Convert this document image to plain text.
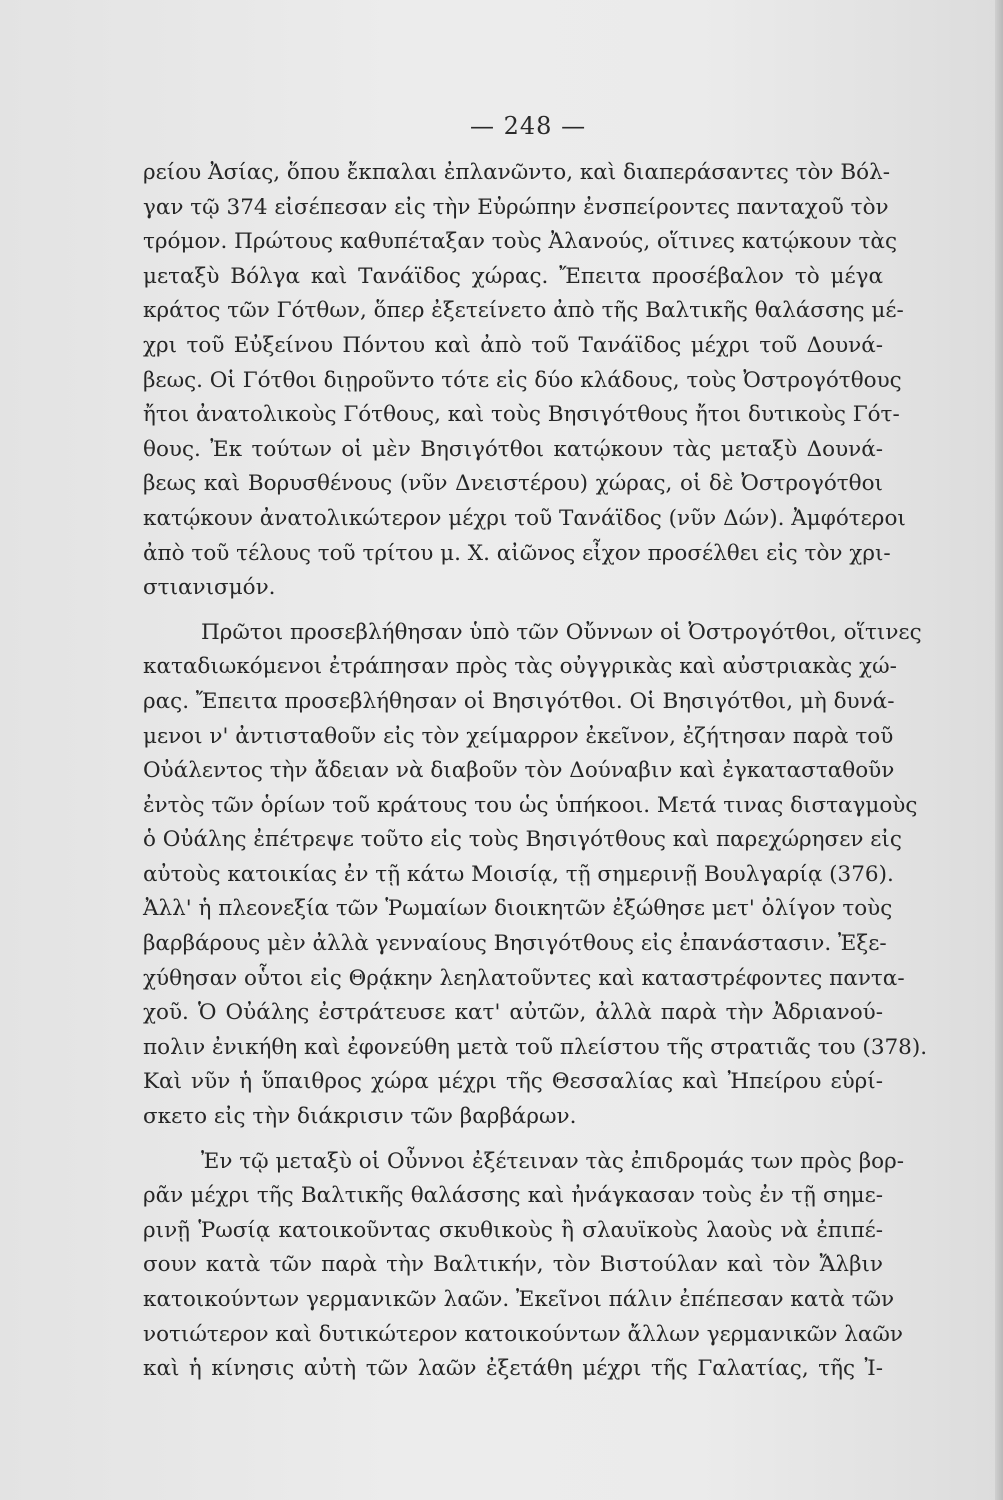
— 248 —
ρείου Ἀσίας, ὅπου ἔκπαλαι ἐπλανῶντο, καὶ διαπεράσαντες τὸν Βόλ-
γαν τῷ 374 εἰσέπεσαν εἰς τὴν Εὐρώπην ἐνσπείροντες πανταχοῦ τὸν
τρόμον. Πρώτους καθυπέταξαν τοὺς Ἀλανούς, οἵτινες κατῴκουν τὰς
μεταξὺ Βόλγα καὶ Τανάϊδος χώρας. Ἔπειτα προσέβαλον τὸ μέγα
κράτος τῶν Γότθων, ὅπερ ἐξετείνετο ἀπὸ τῆς Βαλτικῆς θαλάσσης μέ-
χρι τοῦ Εὐξείνου Πόντου καὶ ἀπὸ τοῦ Τανάϊδος μέχρι τοῦ Δουνά-
βεως. Οἱ Γότθοι διῃροῦντο τότε εἰς δύο κλάδους, τοὺς Ὀστρογότθους
ἤτοι ἀνατολικοὺς Γότθους, καὶ τοὺς Βησιγότθους ἤτοι δυτικοὺς Γότ-
θους. Ἐκ τούτων οἱ μὲν Βησιγότθοι κατῴκουν τὰς μεταξὺ Δουνά-
βεως καὶ Βορυσθένους (νῦν Δνειστέρου) χώρας, οἱ δὲ Ὀστρογότθοι
κατῴκουν ἀνατολικώτερον μέχρι τοῦ Τανάϊδος (νῦν Δών). Ἀμφότεροι
ἀπὸ τοῦ τέλους τοῦ τρίτου μ. Χ. αἰῶνος εἶχον προσέλθει εἰς τὸν χρι-
στιανισμόν.
Πρῶτοι προσεβλήθησαν ὑπὸ τῶν Οὔννων οἱ Ὀστρογότθοι, οἵτινες
καταδιωκόμενοι ἐτράπησαν πρὸς τὰς οὐγγρικὰς καὶ αὐστριακὰς χώ-
ρας. Ἔπειτα προσεβλήθησαν οἱ Βησιγότθοι. Οἱ Βησιγότθοι, μὴ δυνά-
μενοι ν' ἀντισταθοῦν εἰς τὸν χείμαρρον ἐκεῖνον, ἐζήτησαν παρὰ τοῦ
Οὐάλεντος τὴν ἄδειαν νὰ διαβοῦν τὸν Δούναβιν καὶ ἐγκατασταθοῦν
ἐντὸς τῶν ὁρίων τοῦ κράτους του ὡς ὑπήκοοι. Μετά τινας δισταγμοὺς
ὁ Οὐάλης ἐπέτρεψε τοῦτο εἰς τοὺς Βησιγότθους καὶ παρεχώρησεν εἰς
αὐτοὺς κατοικίας ἐν τῇ κάτω Μοισίᾳ, τῇ σημερινῇ Βουλγαρίᾳ (376).
Ἀλλ' ἡ πλεονεξία τῶν Ῥωμαίων διοικητῶν ἐξώθησε μετ' ὀλίγον τοὺς
βαρβάρους μὲν ἀλλὰ γενναίους Βησιγότθους εἰς ἐπανάστασιν. Ἐξε-
χύθησαν οὗτοι εἰς Θρᾴκην λεηλατοῦντες καὶ καταστρέφοντες παντα-
χοῦ. Ὁ Οὐάλης ἐστράτευσε κατ' αὐτῶν, ἀλλὰ παρὰ τὴν Ἀδριανού-
πολιν ἐνικήθη καὶ ἐφονεύθη μετὰ τοῦ πλείστου τῆς στρατιᾶς του (378).
Καὶ νῦν ἡ ὕπαιθρος χώρα μέχρι τῆς Θεσσαλίας καὶ Ἠπείρου εὑρί-
σκετο εἰς τὴν διάκρισιν τῶν βαρβάρων.
Ἐν τῷ μεταξὺ οἱ Οὖννοι ἐξέτειναν τὰς ἐπιδρομάς των πρὸς βορ-
ρᾶν μέχρι τῆς Βαλτικῆς θαλάσσης καὶ ἠνάγκασαν τοὺς ἐν τῇ σημε-
ρινῇ Ῥωσίᾳ κατοικοῦντας σκυθικοὺς ἢ σλαυϊκοὺς λαοὺς νὰ ἐπιπέ-
σουν κατὰ τῶν παρὰ τὴν Βαλτικήν, τὸν Βιστούλαν καὶ τὸν Ἄλβιν
κατοικούντων γερμανικῶν λαῶν. Ἐκεῖνοι πάλιν ἐπέπεσαν κατὰ τῶν
νοτιώτερον καὶ δυτικώτερον κατοικούντων ἄλλων γερμανικῶν λαῶν
καὶ ἡ κίνησις αὐτὴ τῶν λαῶν ἐξετάθη μέχρι τῆς Γαλατίας, τῆς Ἰ-
